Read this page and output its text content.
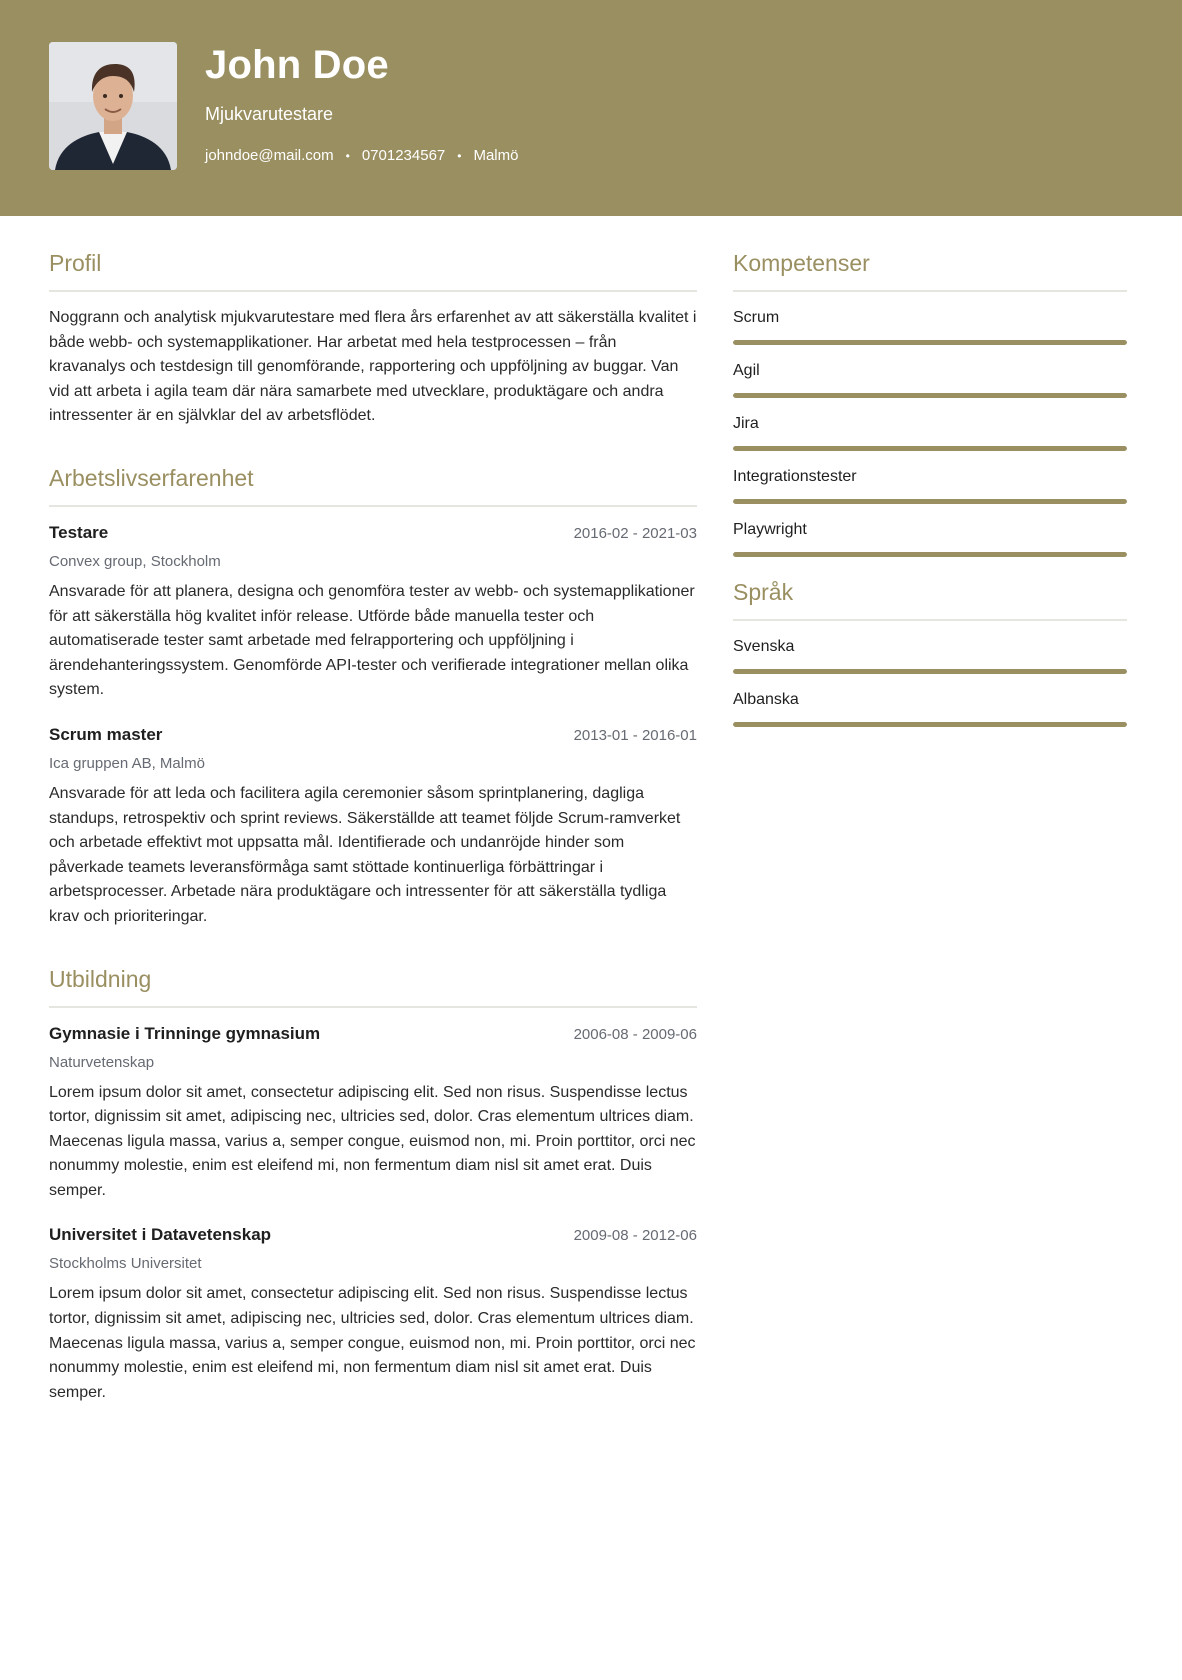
John Doe
Mjukvarutestare
johndoe@mail.com • 0701234567 • Malmö
Profil

Noggrann och analytisk mjukvarutestare med flera års erfarenhet av att säkerställa kvalitet i både webb- och systemapplikationer. Har arbetat med hela testprocessen – från kravanalys och testdesign till genomförande, rapportering och uppföljning av buggar. Van vid att arbeta i agila team där nära samarbete med utvecklare, produktägare och andra intressenter är en självklar del av arbetsflödet.

Arbetslivserfarenhet
Testare	2016-02 - 2021-03
Convex group, Stockholm

Ansvarade för att planera, designa och genomföra tester av webb- och systemapplikationer för att säkerställa hög kvalitet inför release. Utförde både manuella tester och automatiserade tester samt arbetade med felrapportering och uppföljning i ärendehanteringssystem. Genomförde API-tester och verifierade integrationer mellan olika system.

Scrum master	2013-01 - 2016-01
Ica gruppen AB, Malmö

Ansvarade för att leda och facilitera agila ceremonier såsom sprintplanering, dagliga standups, retrospektiv och sprint reviews. Säkerställde att teamet följde Scrum-ramverket och arbetade effektivt mot uppsatta mål. Identifierade och undanröjde hinder som påverkade teamets leveransförmåga samt stöttade kontinuerliga förbättringar i arbetsprocesser. Arbetade nära produktägare och intressenter för att säkerställa tydliga krav och prioriteringar.

Utbildning
Gymnasie i Trinninge gymnasium	2006-08 - 2009-06
Naturvetenskap

Lorem ipsum dolor sit amet, consectetur adipiscing elit. Sed non risus. Suspendisse lectus tortor, dignissim sit amet, adipiscing nec, ultricies sed, dolor. Cras elementum ultrices diam. Maecenas ligula massa, varius a, semper congue, euismod non, mi. Proin porttitor, orci nec nonummy molestie, enim est eleifend mi, non fermentum diam nisl sit amet erat. Duis semper.

Universitet i Datavetenskap	2009-08 - 2012-06
Stockholms Universitet

Lorem ipsum dolor sit amet, consectetur adipiscing elit. Sed non risus. Suspendisse lectus tortor, dignissim sit amet, adipiscing nec, ultricies sed, dolor. Cras elementum ultrices diam. Maecenas ligula massa, varius a, semper congue, euismod non, mi. Proin porttitor, orci nec nonummy molestie, enim est eleifend mi, non fermentum diam nisl sit amet erat. Duis semper.

Kompetenser
Scrum
Agil
Jira
Integrationstester
Playwright
Språk
Svenska
Albanska
